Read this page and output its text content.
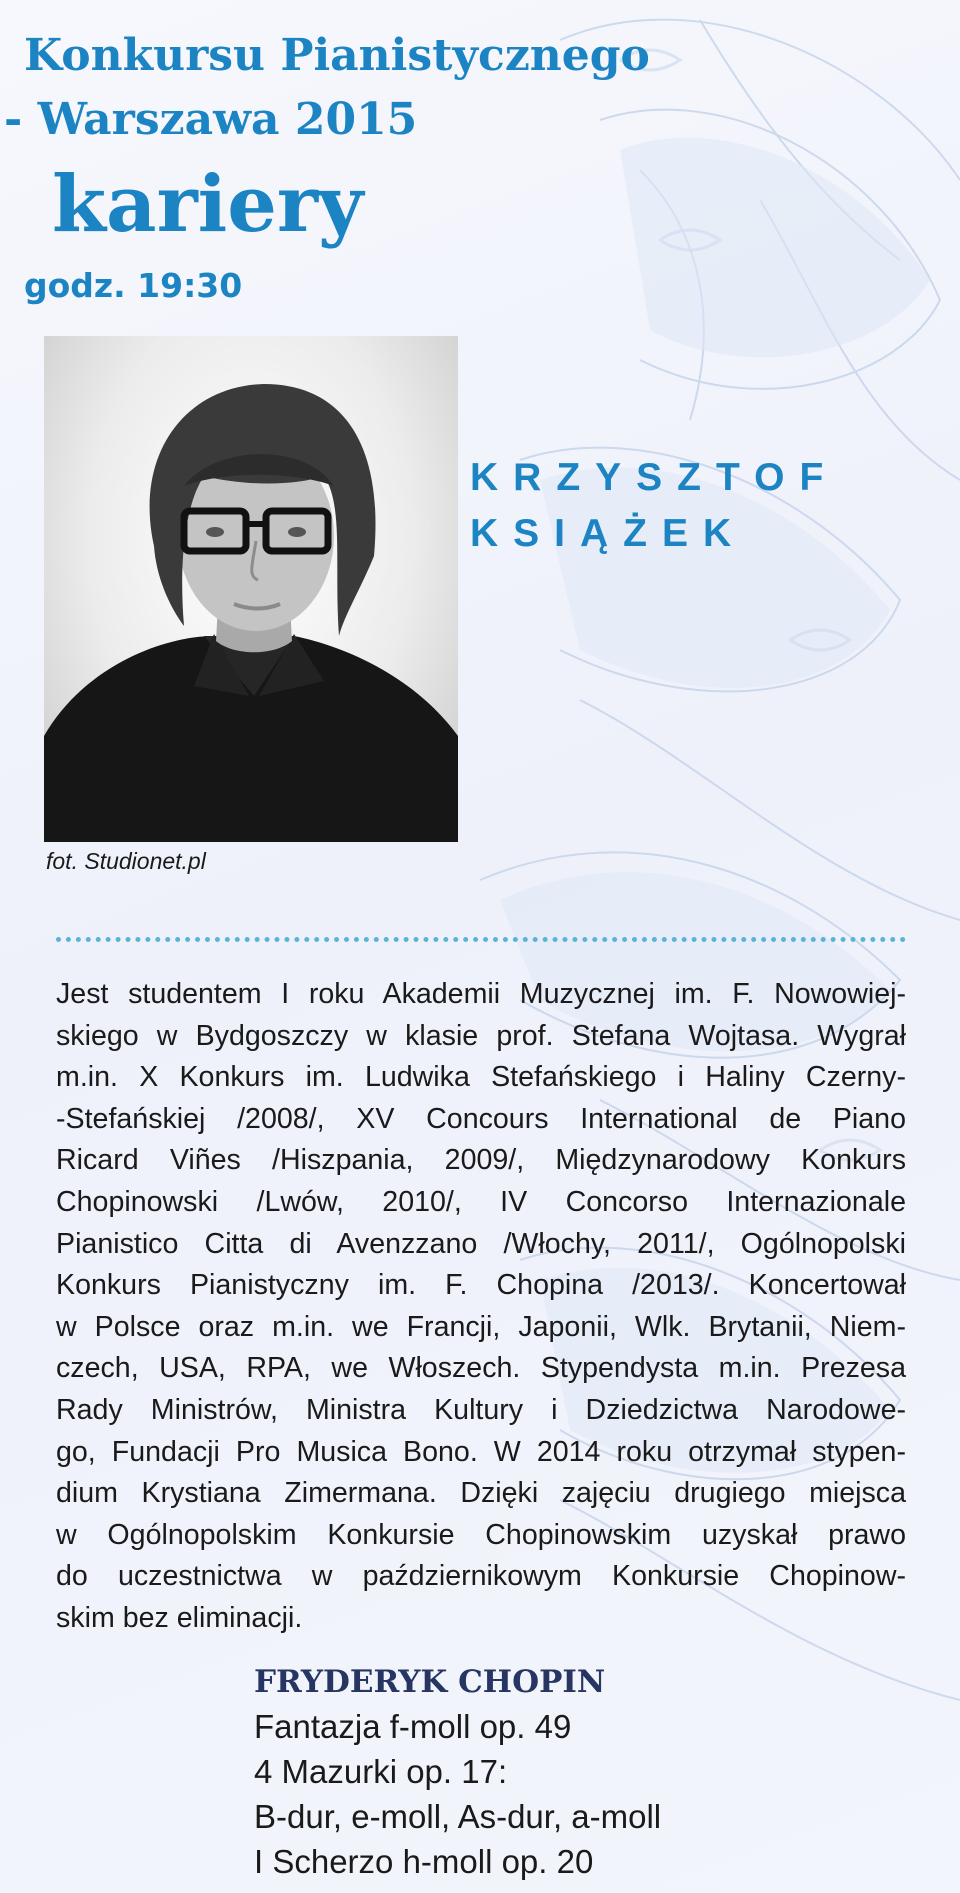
Konkursu Pianistycznego
- Warszawa 2015
kariery
godz. 19:30
fot. Studionet.pl
KRZYSZTOF
KSIĄŻEK
Jest studentem I roku Akademii Muzycznej im. F. Nowowiej-
skiego w Bydgoszczy w klasie prof. Stefana Wojtasa. Wygrał
m.in. X Konkurs im. Ludwika Stefańskiego i Haliny Czerny-
-Stefańskiej /2008/, XV Concours International de Piano
Ricard Viñes /Hiszpania, 2009/, Międzynarodowy Konkurs
Chopinowski /Lwów, 2010/, IV Concorso Internazionale
Pianistico Citta di Avenzzano /Włochy, 2011/, Ogólnopolski
Konkurs Pianistyczny im. F. Chopina /2013/. Koncertował
w Polsce oraz m.in. we Francji, Japonii, Wlk. Brytanii, Niem-
czech, USA, RPA, we Włoszech. Stypendysta m.in. Prezesa
Rady Ministrów, Ministra Kultury i Dziedzictwa Narodowe-
go, Fundacji Pro Musica Bono. W 2014 roku otrzymał stypen-
dium Krystiana Zimermana. Dzięki zajęciu drugiego miejsca
w Ogólnopolskim Konkursie Chopinowskim uzyskał prawo
do uczestnictwa w październikowym Konkursie Chopinow-
skim bez eliminacji.
FRYDERYK CHOPIN
Fantazja f-moll op. 49
4 Mazurki op. 17:
B-dur, e-moll, As-dur, a-moll
I Scherzo h-moll op. 20
